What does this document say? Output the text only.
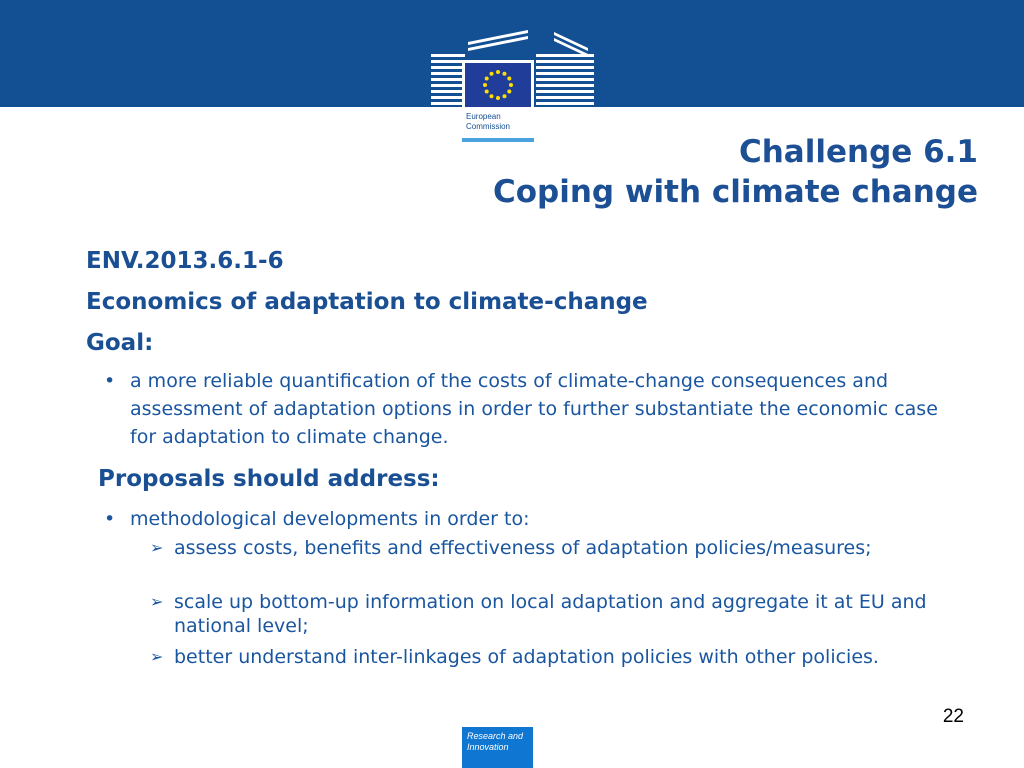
European
Commission
Challenge 6.1
Coping with climate change
ENV.2013.6.1-6
Economics of adaptation to climate-change
Goal:
• a more reliable quantification of the costs of climate-change consequences and assessment of adaptation options in order to further substantiate the economic case for adaptation to climate change.
Proposals should address:
• methodological developments in order to:
➢ assess costs, benefits and effectiveness of adaptation policies/measures;
➢ scale up bottom-up information on local adaptation and aggregate it at EU and national level;
➢ better understand inter-linkages of adaptation policies with other policies.
22
Research and
Innovation
